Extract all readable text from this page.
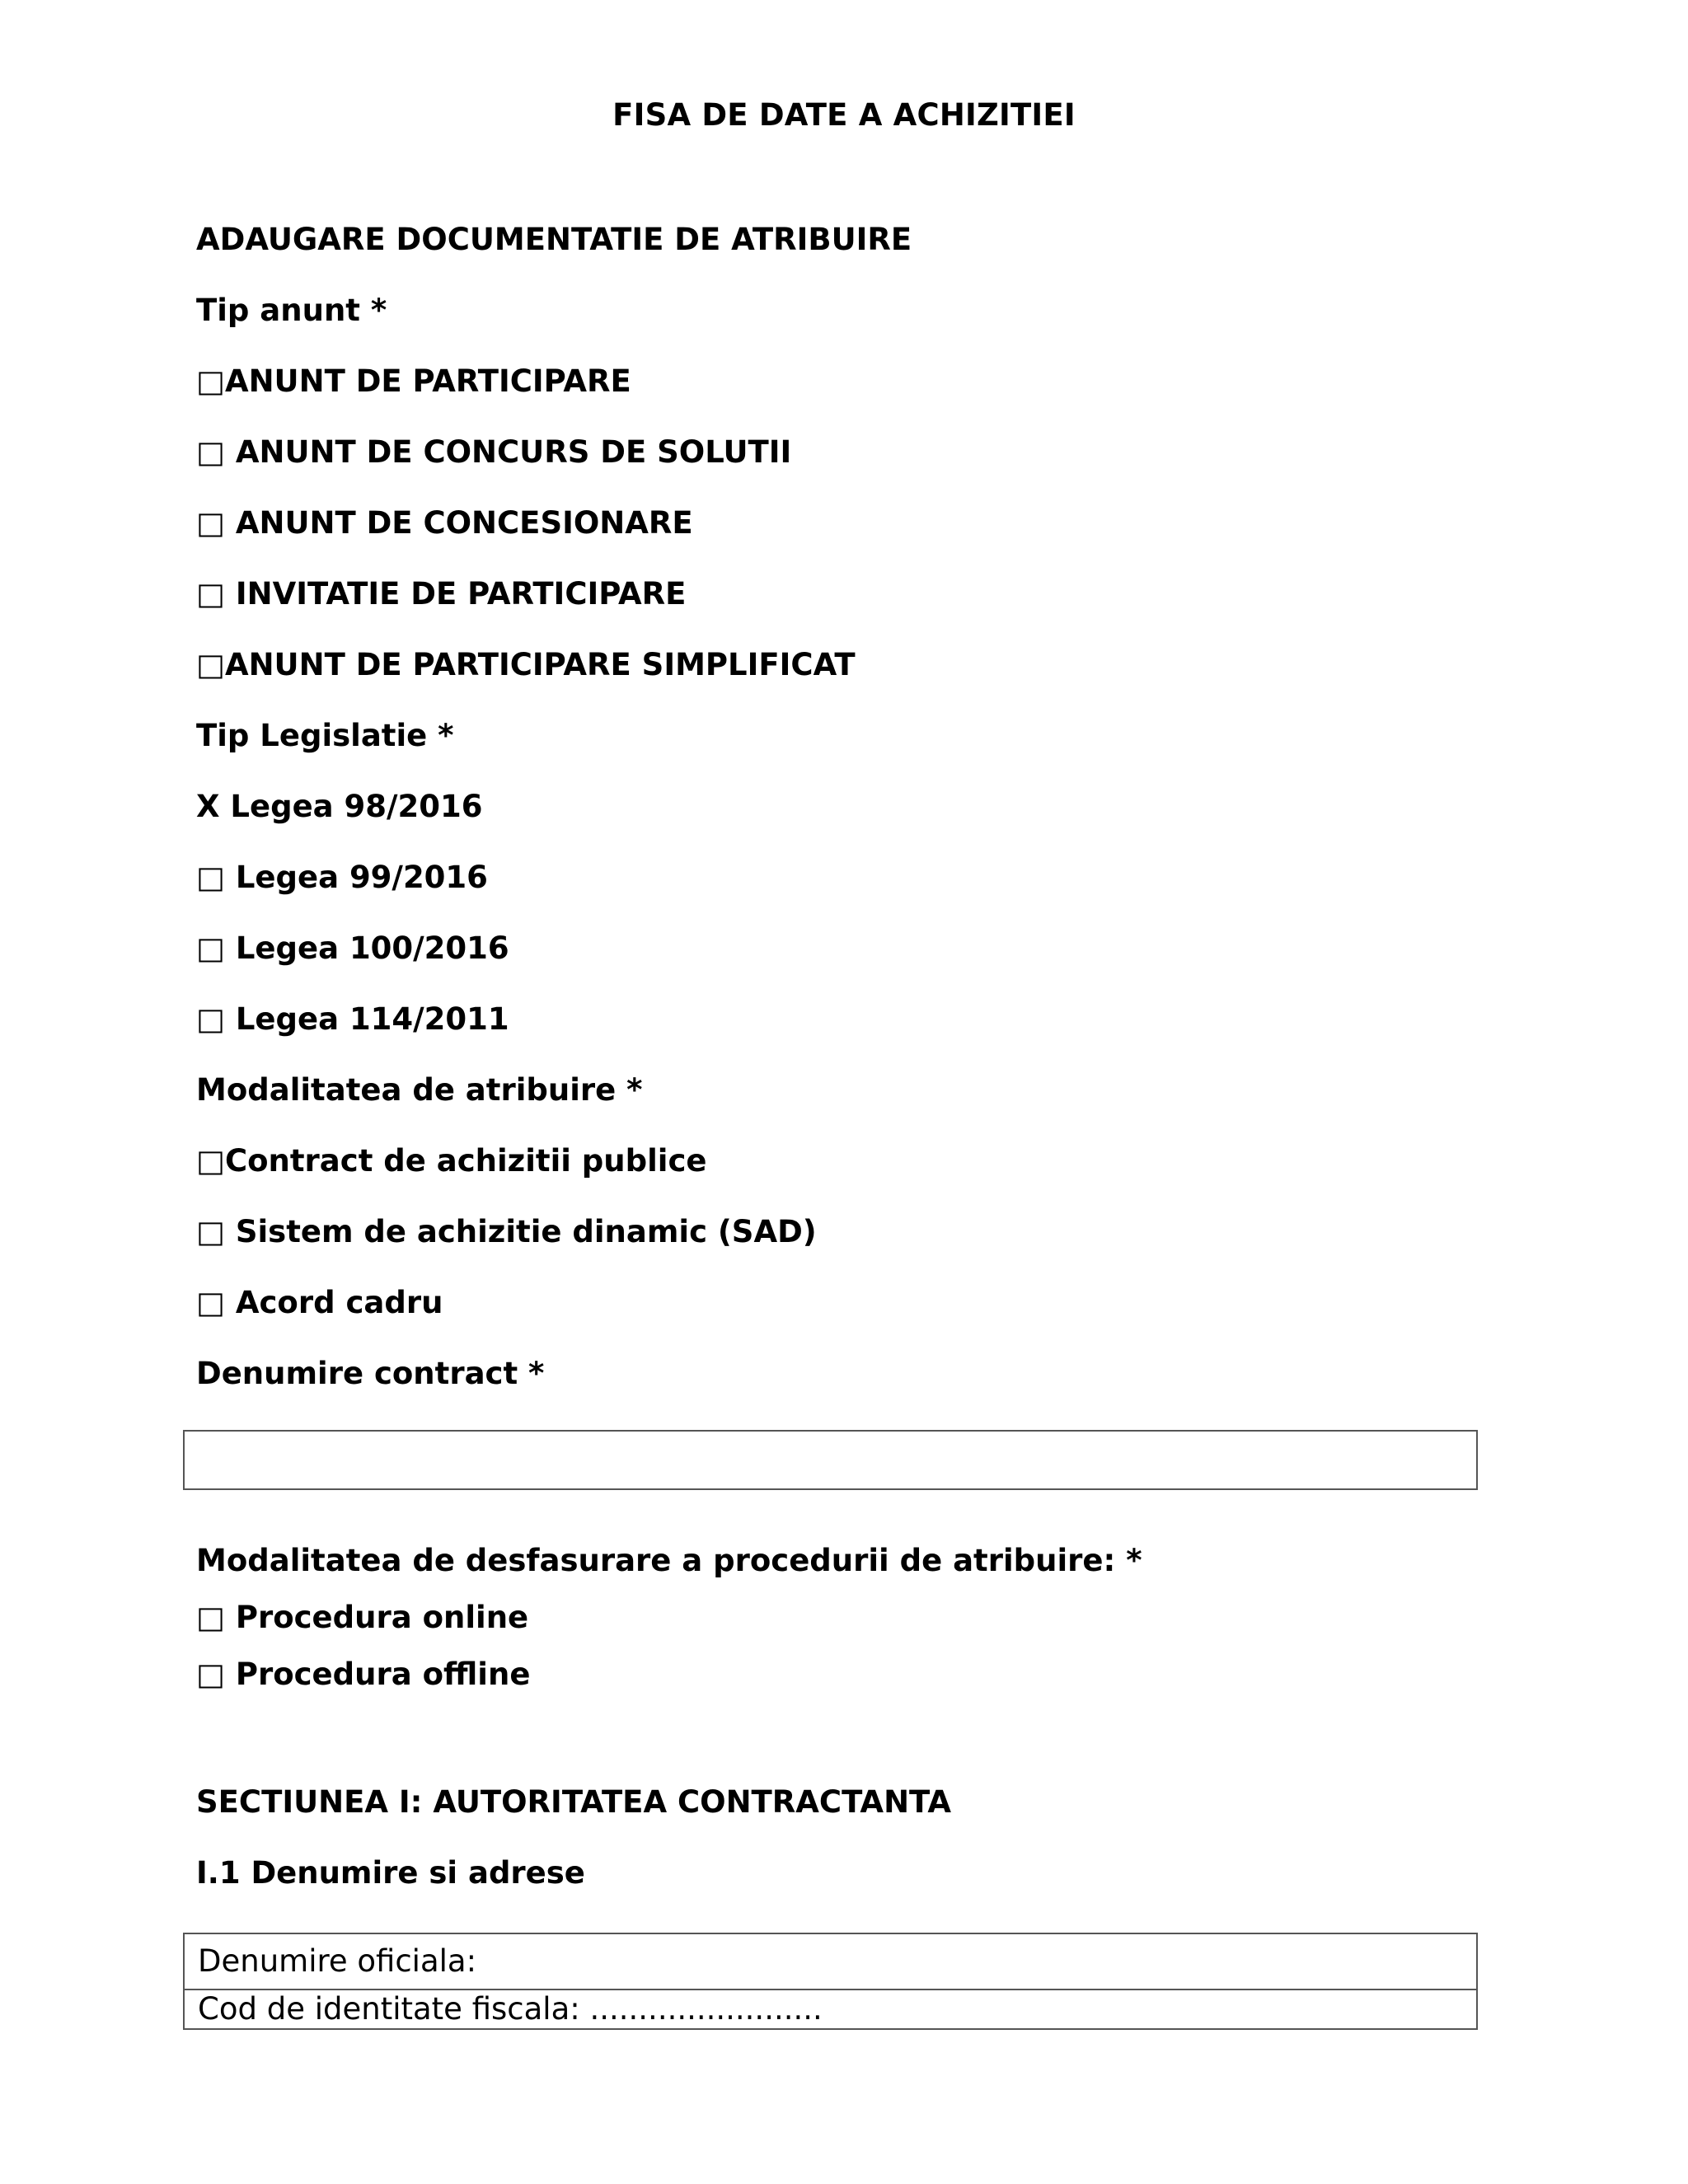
FISA DE DATE A ACHIZITIEI
ADAUGARE DOCUMENTATIE DE ATRIBUIRE
Tip anunt *
□ANUNT DE PARTICIPARE
□ ANUNT DE CONCURS DE SOLUTII
□ ANUNT DE CONCESIONARE
□ INVITATIE DE PARTICIPARE
□ANUNT DE PARTICIPARE SIMPLIFICAT
Tip Legislatie *
X Legea 98/2016
□ Legea 99/2016
□ Legea 100/2016
□ Legea 114/2011
Modalitatea de atribuire *
□Contract de achizitii publice
□ Sistem de achizitie dinamic (SAD)
□ Acord cadru
Denumire contract *
Modalitatea de desfasurare a procedurii de atribuire: *
□ Procedura online
□ Procedura offline
SECTIUNEA I: AUTORITATEA CONTRACTANTA
I.1 Denumire si adrese
Denumire oficiala:
Cod de identitate fiscala: ........................
